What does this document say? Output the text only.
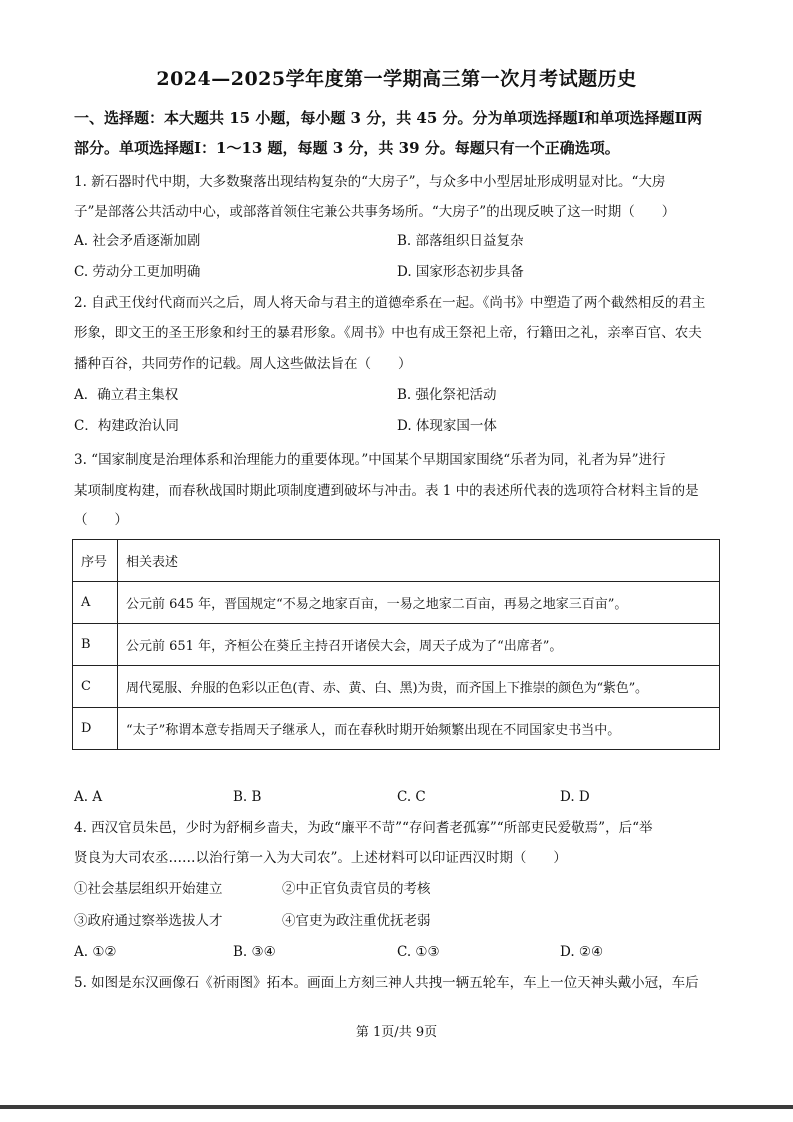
2024—2025学年度第一学期高三第一次月考试题历史
一、选择题：本大题共 15 小题，每小题 3 分，共 45 分。分为单项选择题Ⅰ和单项选择题Ⅱ两
部分。单项选择题Ⅰ：1～13 题，每题 3 分，共 39 分。每题只有一个正确选项。
1. 新石器时代中期，大多数聚落出现结构复杂的“大房子”，与众多中小型居址形成明显对比。“大房
子”是部落公共活动中心，或部落首领住宅兼公共事务场所。“大房子”的出现反映了这一时期（　　）
A. 社会矛盾逐渐加剧	B. 部落组织日益复杂
C. 劳动分工更加明确	D. 国家形态初步具备
2. 自武王伐纣代商而兴之后，周人将天命与君主的道德牵系在一起。《尚书》中塑造了两个截然相反的君主
形象，即文王的圣王形象和纣王的暴君形象。《周书》中也有成王祭祀上帝，行籍田之礼，亲率百官、农夫
播种百谷，共同劳作的记载。周人这些做法旨在（　　）
A．确立君主集权	B. 强化祭祀活动
C．构建政治认同	D. 体现家国一体
3. “国家制度是治理体系和治理能力的重要体现。”中国某个早期国家围绕“乐者为同，礼者为异”进行
某项制度构建，而春秋战国时期此项制度遭到破坏与冲击。表 1 中的表述所代表的选项符合材料主旨的是
（　　）
序号	相关表述
A	公元前 645 年，晋国规定“不易之地家百亩，一易之地家二百亩，再易之地家三百亩”。
B	公元前 651 年，齐桓公在葵丘主持召开诸侯大会，周天子成为了“出席者”。
C	周代冕服、弁服的色彩以正色(青、赤、黄、白、黑)为贵，而齐国上下推崇的颜色为“紫色”。
D	“太子”称谓本意专指周天子继承人，而在春秋时期开始频繁出现在不同国家史书当中。
A. A	B. B	C. C	D. D
4. 西汉官员朱邑，少时为舒桐乡啬夫，为政“廉平不苛”“存问耆老孤寡”“所部吏民爱敬焉”，后“举
贤良为大司农丞……以治行第一入为大司农”。上述材料可以印证西汉时期（　　）
①社会基层组织开始建立	②中正官负责官员的考核
③政府通过察举选拔人才	④官吏为政注重优抚老弱
A. ①②	B. ③④	C. ①③	D. ②④
5. 如图是东汉画像石《祈雨图》拓本。画面上方刻三神人共拽一辆五轮车，车上一位天神头戴小冠，车后
第 1页/共 9页
